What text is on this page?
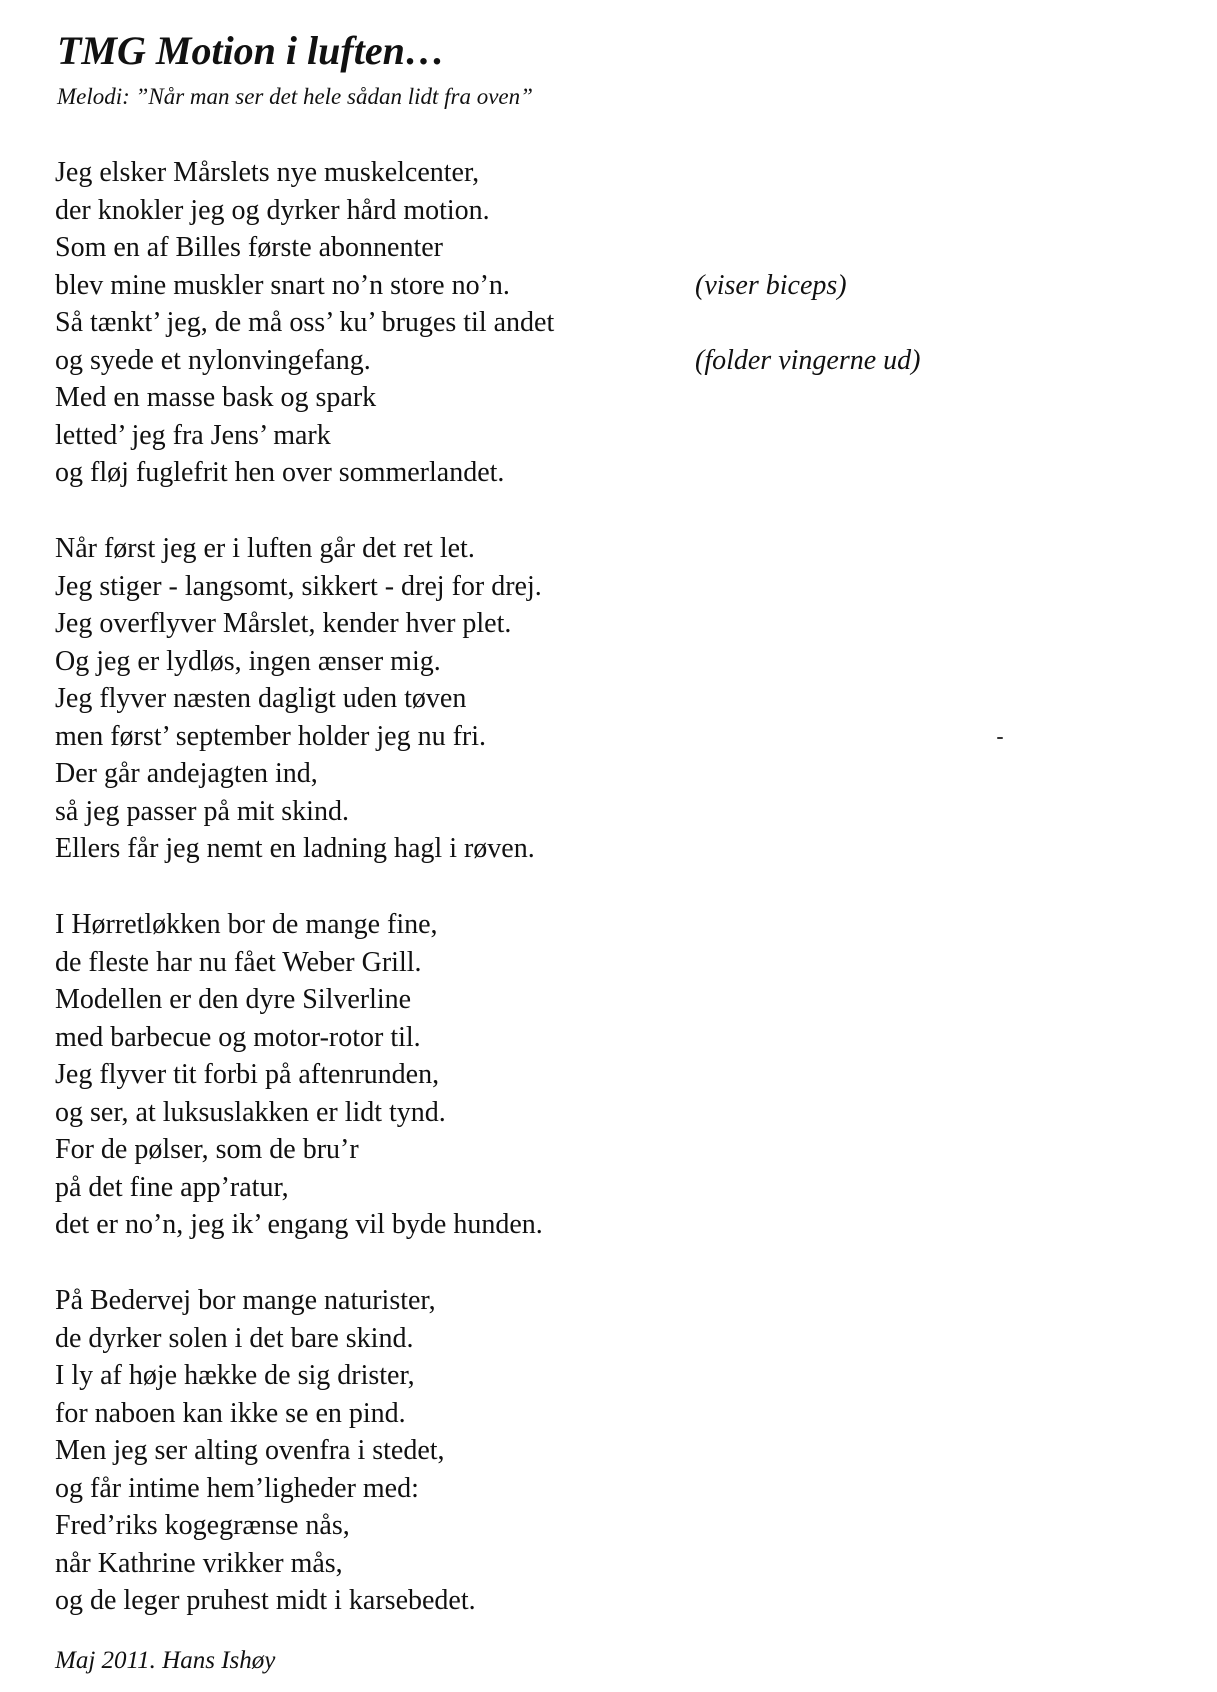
TMG Motion i luften…

Melodi: ”Når man ser det hele sådan lidt fra oven”

Jeg elsker Mårslets nye muskelcenter,
der knokler jeg og dyrker hård motion.
Som en af Billes første abonnenter
blev mine muskler snart no’n store no’n.	(viser biceps)
Så tænkt’ jeg, de må oss’ ku’ bruges til andet
og syede et nylonvingefang.	(folder vingerne ud)
Med en masse bask og spark
letted’ jeg fra Jens’ mark
og fløj fuglefrit hen over sommerlandet.
Når først jeg er i luften går det ret let.
Jeg stiger - langsomt, sikkert - drej for drej.
Jeg overflyver Mårslet, kender hver plet.
Og jeg er lydløs, ingen ænser mig.
Jeg flyver næsten dagligt uden tøven
men først’ september holder jeg nu fri.
Der går andejagten ind,
så jeg passer på mit skind.
Ellers får jeg nemt en ladning hagl i røven.
I Hørretløkken bor de mange fine,
de fleste har nu fået Weber Grill.
Modellen er den dyre Silverline
med barbecue og motor-rotor til.
Jeg flyver tit forbi på aftenrunden,
og ser, at luksuslakken er lidt tynd.
For de pølser, som de bru’r
på det fine app’ratur,
det er no’n, jeg ik’ engang vil byde hunden.
På Bedervej bor mange naturister,
de dyrker solen i det bare skind.
I ly af høje hække de sig drister,
for naboen kan ikke se en pind.
Men jeg ser alting ovenfra i stedet,
og får intime hem’ligheder med:
Fred’riks kogegrænse nås,
når Kathrine vrikker mås,
og de leger pruhest midt i karsebedet.

Maj 2011. Hans Ishøy
